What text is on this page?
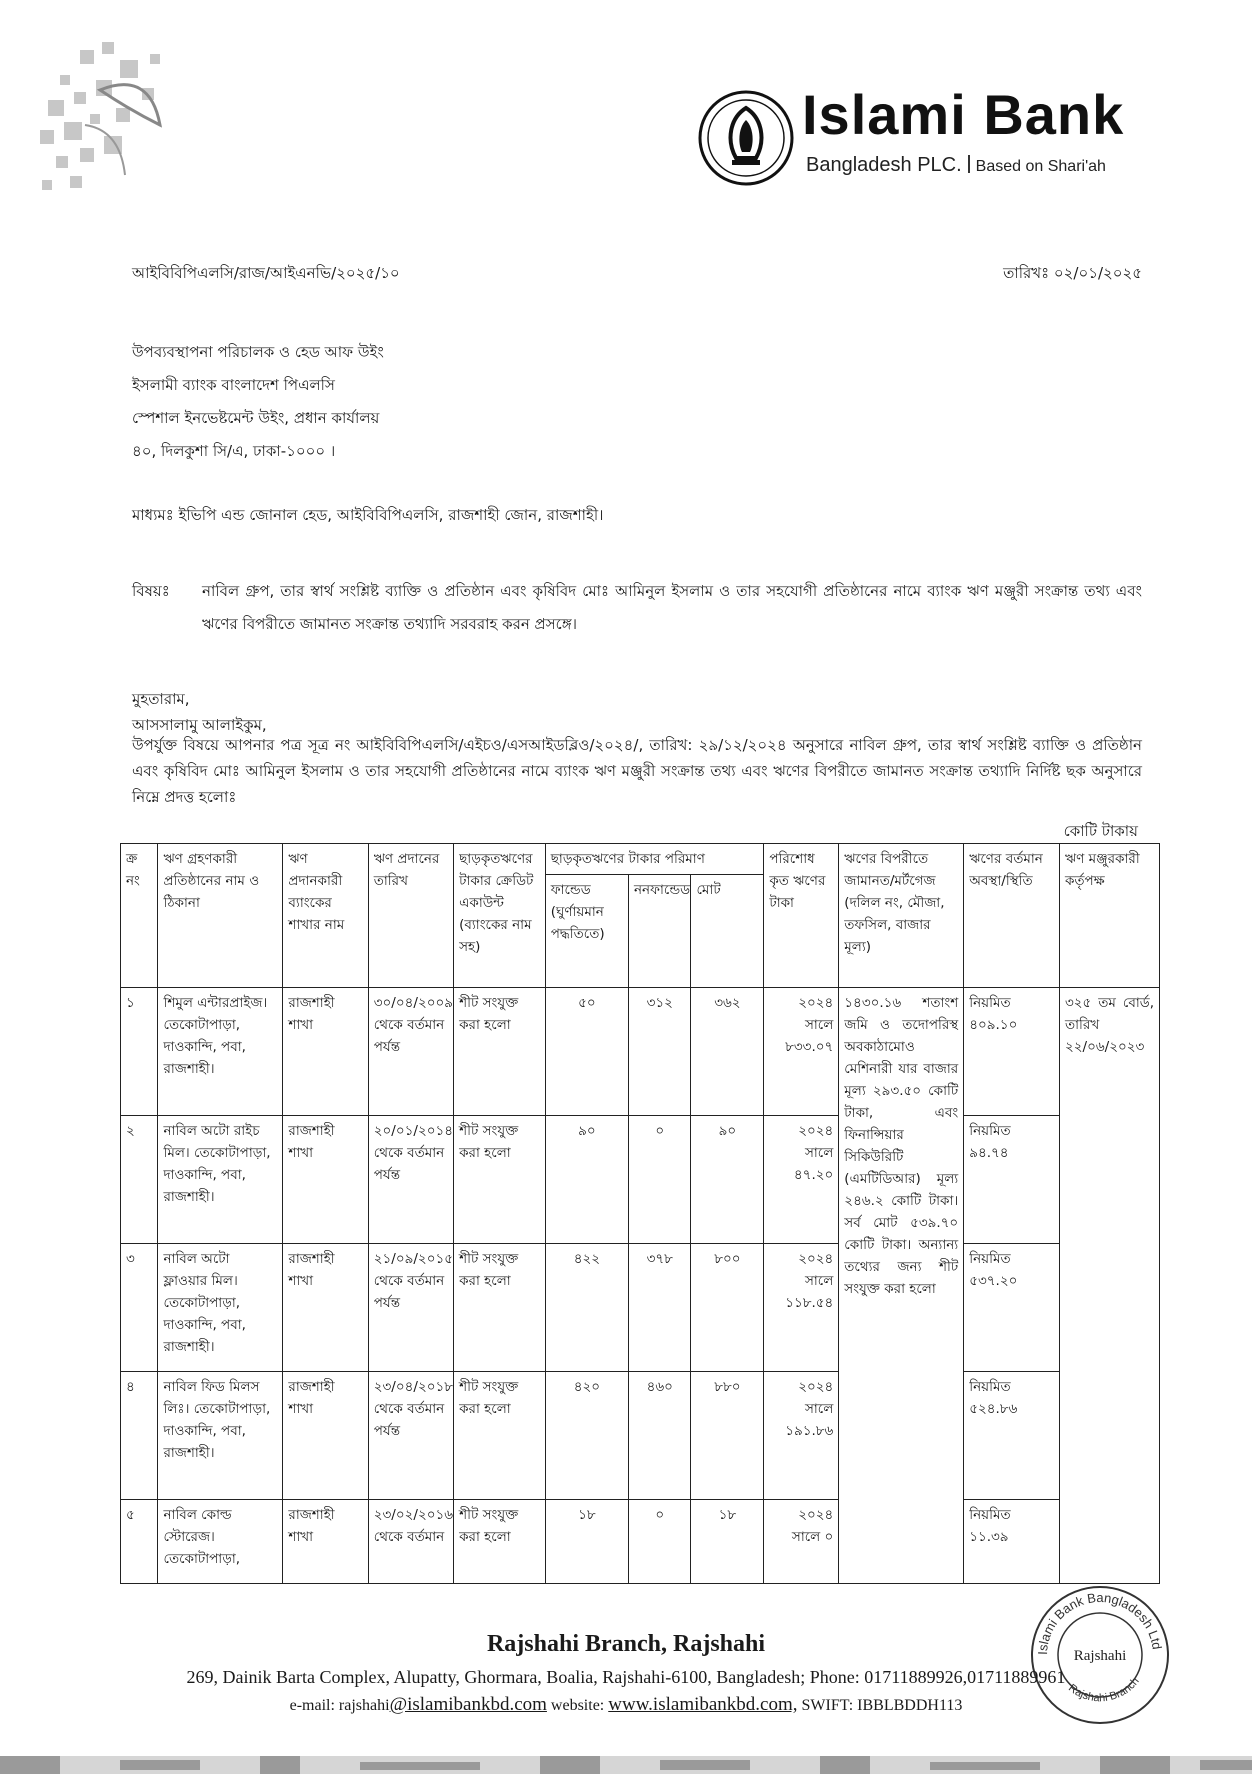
Islami Bank
Bangladesh PLC. Based on Shari'ah
আইবিবিপিএলসি/রাজ/আইএনভি/২০২৫/১০	তারিখঃ ০২/০১/২০২৫
উপব্যবস্থাপনা পরিচালক ও হেড আফ উইং
ইসলামী ব্যাংক বাংলাদেশ পিএলসি
স্পেশাল ইনভেষ্টমেন্ট উইং, প্রধান কার্যালয়
৪০, দিলকুশা সি/এ, ঢাকা-১০০০ ।
মাধ্যমঃ ইভিপি এন্ড জোনাল হেড, আইবিবিপিএলসি, রাজশাহী জোন, রাজশাহী।
বিষয়ঃ নাবিল গ্রুপ, তার স্বার্থ সংশ্লিষ্ট ব্যাক্তি ও প্রতিষ্ঠান এবং কৃষিবিদ মোঃ আমিনুল ইসলাম ও তার সহযোগী প্রতিষ্ঠানের নামে ব্যাংক ঋণ মঞ্জুরী সংক্রান্ত তথ্য এবং ঋণের বিপরীতে জামানত সংক্রান্ত তথ্যাদি সরবরাহ করন প্রসঙ্গে।
মুহতারাম,
আসসালামু আলাইকুম,
উপর্যুক্ত বিষয়ে আপনার পত্র সূত্র নং আইবিবিপিএলসি/এইচও/এসআইডব্লিও/২০২৪/, তারিখ: ২৯/১২/২০২৪ অনুসারে নাবিল গ্রুপ, তার স্বার্থ সংশ্লিষ্ট ব্যাক্তি ও প্রতিষ্ঠান এবং কৃষিবিদ মোঃ আমিনুল ইসলাম ও তার সহযোগী প্রতিষ্ঠানের নামে ব্যাংক ঋণ মঞ্জুরী সংক্রান্ত তথ্য এবং ঋণের বিপরীতে জামানত সংক্রান্ত তথ্যাদি নির্দিষ্ট ছক অনুসারে নিম্নে প্রদত্ত হলোঃ
কোটি টাকায়
ক্র নং	ঋণ গ্রহণকারী প্রতিষ্ঠানের নাম ও ঠিকানা	ঋণ প্রদানকারী ব্যাংকের শাখার নাম	ঋণ প্রদানের তারিখ	ছাড়কৃতঋণের টাকার ক্রেডিট একাউন্ট (ব্যাংকের নাম সহ)	ছাড়কৃতঋণের টাকার পরিমাণ			পরিশোধ কৃত ঋণের টাকা	ঋণের বিপরীতে জামানত/মর্টগেজ (দলিল নং, মৌজা, তফসিল, বাজার মূল্য)	ঋণের বর্তমান অবস্থা/স্থিতি	ঋণ মঞ্জুরকারী কর্তৃপক্ষ
					ফান্ডেড (ঘুর্ণায়মান পদ্ধতিতে)	ননফান্ডেড	মোট				
১	শিমুল এন্টারপ্রাইজ। তেকোটাপাড়া, দাওকান্দি, পবা, রাজশাহী।	রাজশাহী শাখা	৩০/০৪/২০০৯ থেকে বর্তমান পর্যন্ত	শীট সংযুক্ত করা হলো	৫০	৩১২	৩৬২	২০২৪ সালে ৮৩৩.০৭	১৪৩০.১৬ শতাংশ জমি ও তদোপরিস্থ অবকাঠামোও মেশিনারী যার বাজার মূল্য ২৯৩.৫০ কোটি টাকা, এবং ফিনান্সিয়ার সিকিউরিটি (এমটিডিআর) মূল্য ২৪৬.২ কোটি টাকা। সর্ব মোট ৫৩৯.৭০ কোটি টাকা। অন্যান্য তথ্যের জন্য শীট সংযুক্ত করা হলো	নিয়মিত ৪০৯.১০	৩২৫ তম বোর্ড, তারিখ ২২/০৬/২০২৩
২	নাবিল অটো রাইচ মিল। তেকোটাপাড়া, দাওকান্দি, পবা, রাজশাহী।	রাজশাহী শাখা	২০/০১/২০১৪ থেকে বর্তমান পর্যন্ত	শীট সংযুক্ত করা হলো	৯০	০	৯০	২০২৪ সালে ৪৭.২০		নিয়মিত ৯৪.৭৪	
৩	নাবিল অটো ফ্লাওয়ার মিল। তেকোটাপাড়া, দাওকান্দি, পবা, রাজশাহী।	রাজশাহী শাখা	২১/০৯/২০১৫ থেকে বর্তমান পর্যন্ত	শীট সংযুক্ত করা হলো	৪২২	৩৭৮	৮০০	২০২৪ সালে ১১৮.৫৪		নিয়মিত ৫৩৭.২০	
৪	নাবিল ফিড মিলস লিঃ। তেকোটাপাড়া, দাওকান্দি, পবা, রাজশাহী।	রাজশাহী শাখা	২৩/০৪/২০১৮ থেকে বর্তমান পর্যন্ত	শীট সংযুক্ত করা হলো	৪২০	৪৬০	৮৮০	২০২৪ সালে ১৯১.৮৬		নিয়মিত ৫২৪.৮৬	
৫	নাবিল কোল্ড স্টোরেজ। তেকোটাপাড়া,	রাজশাহী শাখা	২৩/০২/২০১৬ থেকে বর্তমান	শীট সংযুক্ত করা হলো	১৮	০	১৮	২০২৪ সালে ০		নিয়মিত ১১.৩৯	
Islami Bank Bangladesh Ltd
Rajshahi
Rajshahi Branch
Rajshahi Branch, Rajshahi
269, Dainik Barta Complex, Alupatty, Ghormara, Boalia, Rajshahi-6100, Bangladesh; Phone: 01711889926,01711889961
e-mail: rajshahi@islamibankbd.com website: www.islamibankbd.com, SWIFT: IBBLBDDH113
